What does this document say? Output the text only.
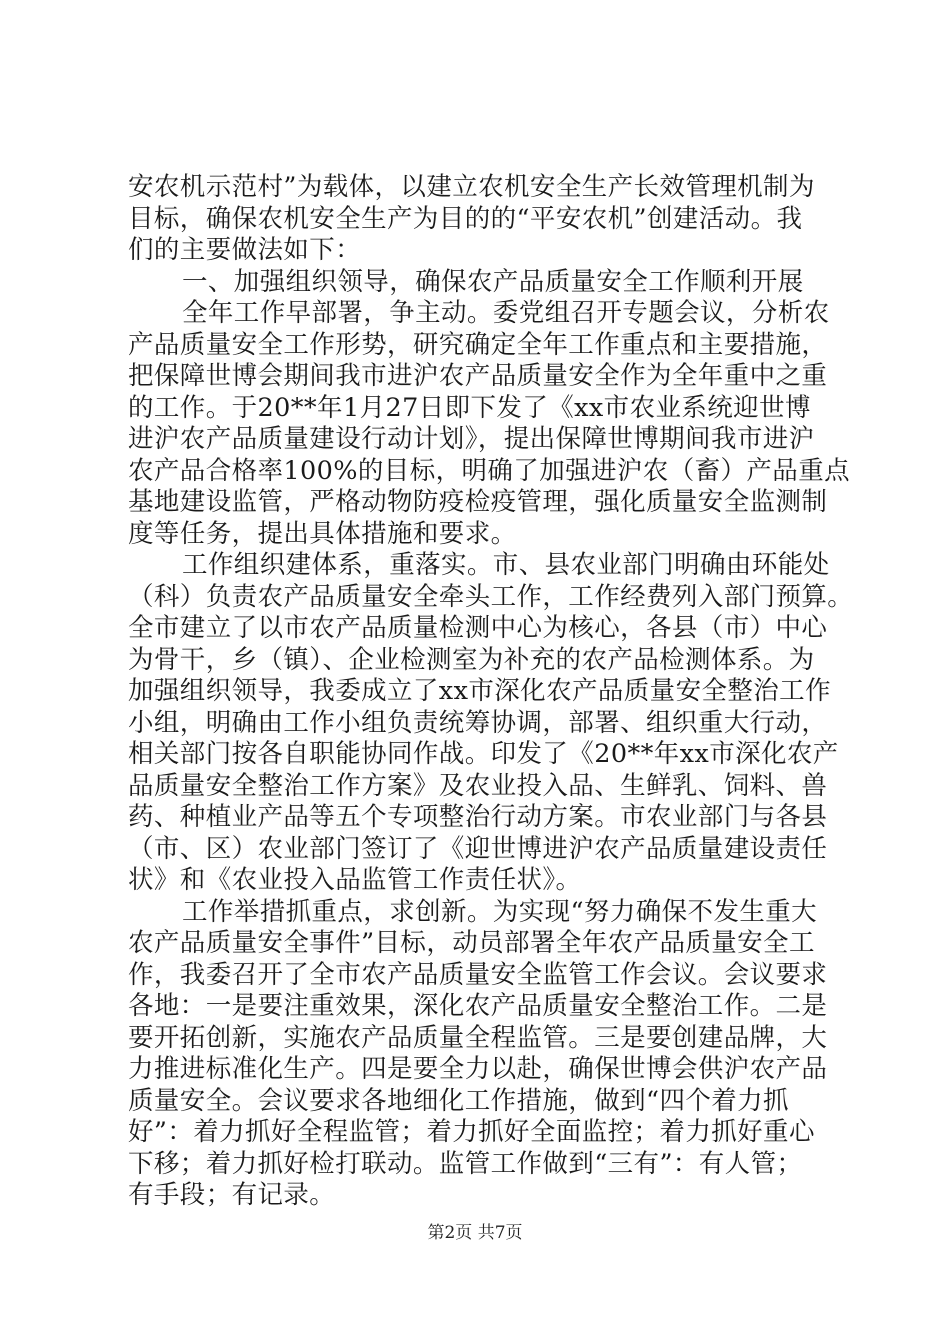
安农机示范村”为载体，以建立农机安全生产长效管理机制为
目标，确保农机安全生产为目的的“平安农机”创建活动。我
们的主要做法如下：
一、加强组织领导，确保农产品质量安全工作顺利开展
全年工作早部署，争主动。委党组召开专题会议，分析农
产品质量安全工作形势，研究确定全年工作重点和主要措施，
把保障世博会期间我市进沪农产品质量安全作为全年重中之重
的工作。于20**年1月27日即下发了《xx市农业系统迎世博
进沪农产品质量建设行动计划》，提出保障世博期间我市进沪
农产品合格率100%的目标，明确了加强进沪农（畜）产品重点
基地建设监管，严格动物防疫检疫管理，强化质量安全监测制
度等任务，提出具体措施和要求。
工作组织建体系，重落实。市、县农业部门明确由环能处
（科）负责农产品质量安全牵头工作，工作经费列入部门预算。
全市建立了以市农产品质量检测中心为核心，各县（市）中心
为骨干，乡（镇）、企业检测室为补充的农产品检测体系。为
加强组织领导，我委成立了xx市深化农产品质量安全整治工作
小组，明确由工作小组负责统筹协调，部署、组织重大行动，
相关部门按各自职能协同作战。印发了《20**年xx市深化农产
品质量安全整治工作方案》及农业投入品、生鲜乳、饲料、兽
药、种植业产品等五个专项整治行动方案。市农业部门与各县
（市、区）农业部门签订了《迎世博进沪农产品质量建设责任
状》和《农业投入品监管工作责任状》。
工作举措抓重点，求创新。为实现“努力确保不发生重大
农产品质量安全事件”目标，动员部署全年农产品质量安全工
作，我委召开了全市农产品质量安全监管工作会议。会议要求
各地：一是要注重效果，深化农产品质量安全整治工作。二是
要开拓创新，实施农产品质量全程监管。三是要创建品牌，大
力推进标准化生产。四是要全力以赴，确保世博会供沪农产品
质量安全。会议要求各地细化工作措施，做到“四个着力抓
好”：着力抓好全程监管；着力抓好全面监控；着力抓好重心
下移；着力抓好检打联动。监管工作做到“三有”：有人管；
有手段；有记录。
第2页 共7页
